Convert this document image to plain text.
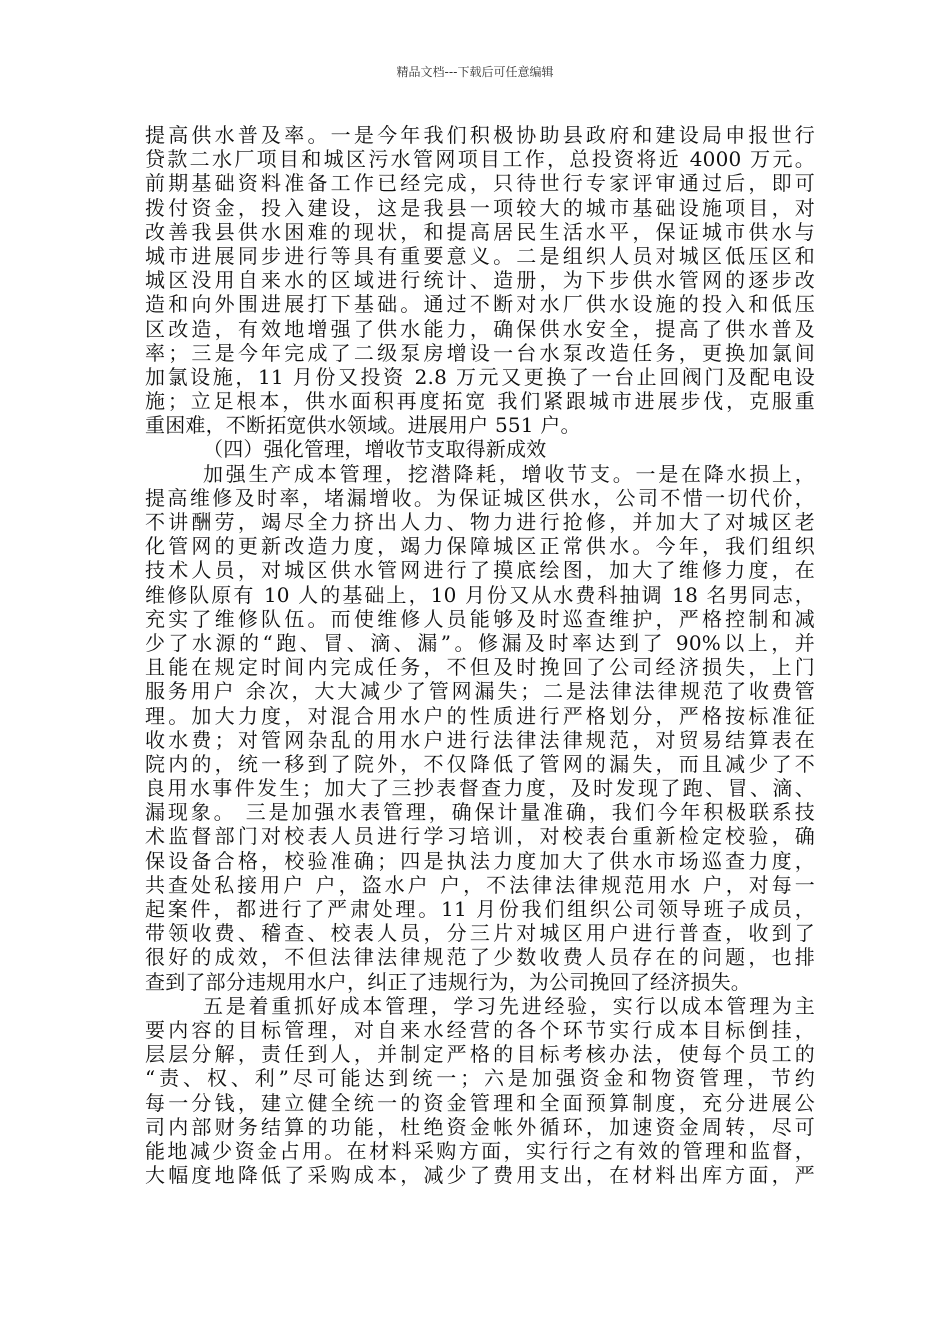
精品文档---下载后可任意编辑
提高供水普及率。一是今年我们积极协助县政府和建设局申报世行
贷款二水厂项目和城区污水管网项目工作，总投资将近 4000 万元。
前期基础资料准备工作已经完成，只待世行专家评审通过后，即可
拨付资金，投入建设，这是我县一项较大的城市基础设施项目，对
改善我县供水困难的现状，和提高居民生活水平，保证城市供水与
城市进展同步进行等具有重要意义。二是组织人员对城区低压区和
城区没用自来水的区域进行统计、造册，为下步供水管网的逐步改
造和向外围进展打下基础。通过不断对水厂供水设施的投入和低压
区改造，有效地增强了供水能力，确保供水安全，提高了供水普及
率；三是今年完成了二级泵房增设一台水泵改造任务，更换加氯间
加氯设施，11 月份又投资 2.8 万元又更换了一台止回阀门及配电设
施；立足根本，供水面积再度拓宽 我们紧跟城市进展步伐，克服重
重困难，不断拓宽供水领域。进展用户 551 户。
（四）强化管理，增收节支取得新成效
加强生产成本管理，挖潜降耗，增收节支。一是在降水损上，
提高维修及时率，堵漏增收。为保证城区供水，公司不惜一切代价，
不讲酬劳，竭尽全力挤出人力、物力进行抢修，并加大了对城区老
化管网的更新改造力度，竭力保障城区正常供水。今年，我们组织
技术人员，对城区供水管网进行了摸底绘图，加大了维修力度，在
维修队原有 10 人的基础上，10 月份又从水费科抽调 18 名男同志，
充实了维修队伍。而使维修人员能够及时巡查维护，严格控制和减
少了水源的“跑、冒、滴、漏”。修漏及时率达到了 90%以上，并
且能在规定时间内完成任务，不但及时挽回了公司经济损失，上门
服务用户 余次，大大减少了管网漏失；二是法律法律规范了收费管
理。加大力度，对混合用水户的性质进行严格划分，严格按标准征
收水费；对管网杂乱的用水户进行法律法律规范，对贸易结算表在
院内的，统一移到了院外，不仅降低了管网的漏失，而且减少了不
良用水事件发生；加大了三抄表督查力度，及时发现了跑、冒、滴、
漏现象。 三是加强水表管理，确保计量准确，我们今年积极联系技
术监督部门对校表人员进行学习培训，对校表台重新检定校验，确
保设备合格，校验准确；四是执法力度加大了供水市场巡查力度，
共查处私接用户 户，盗水户 户，不法律法律规范用水 户，对每一
起案件，都进行了严肃处理。11 月份我们组织公司领导班子成员，
带领收费、稽查、校表人员，分三片对城区用户进行普查，收到了
很好的成效，不但法律法律规范了少数收费人员存在的问题，也排
查到了部分违规用水户，纠正了违规行为，为公司挽回了经济损失。
五是着重抓好成本管理，学习先进经验，实行以成本管理为主
要内容的目标管理，对自来水经营的各个环节实行成本目标倒挂，
层层分解，责任到人，并制定严格的目标考核办法，使每个员工的
“责、权、利”尽可能达到统一；六是加强资金和物资管理，节约
每一分钱，建立健全统一的资金管理和全面预算制度，充分进展公
司内部财务结算的功能，杜绝资金帐外循环，加速资金周转，尽可
能地减少资金占用。在材料采购方面，实行行之有效的管理和监督，
大幅度地降低了采购成本，减少了费用支出，在材料出库方面，严
